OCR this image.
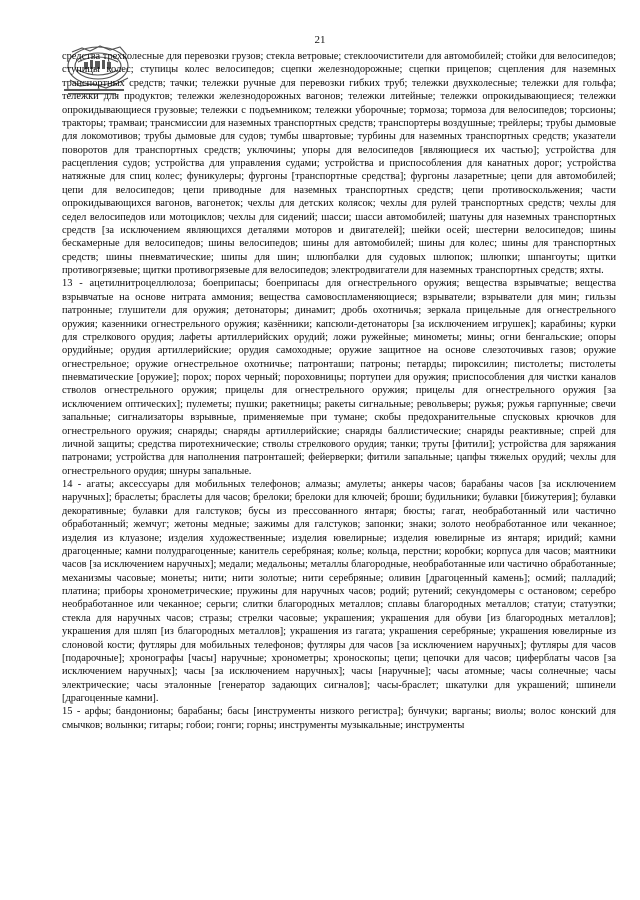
21

средства трехколесные для перевозки грузов; стекла ветровые; стеклоочистители для автомобилей; стойки для велосипедов; ступицы колес; ступицы колес велосипедов; сцепки железнодорожные; сцепки прицепов; сцепления для наземных транспортных средств; тачки; тележки ручные для перевозки гибких труб; тележки двухколесные; тележки для гольфа; тележки для продуктов; тележки железнодорожных вагонов; тележки литейные; тележки опрокидывающиеся; тележки опрокидывающиеся грузовые; тележки с подъемником; тележки уборочные; тормоза; тормоза для велосипедов; торсионы; тракторы; трамваи; трансмиссии для наземных транспортных средств; транспортеры воздушные; трейлеры; трубы дымовые для локомотивов; трубы дымовые для судов; тумбы швартовые; турбины для наземных транспортных средств; указатели поворотов для транспортных средств; уключины; упоры для велосипедов [являющиеся их частью]; устройства для расцепления судов; устройства для управления судами; устройства и приспособления для канатных дорог; устройства натяжные для спиц колес; фуникулеры; фургоны [транспортные средства]; фургоны лазаретные; цепи для автомобилей; цепи для велосипедов; цепи приводные для наземных транспортных средств; цепи противоскольжения; части опрокидывающихся вагонов, вагонеток; чехлы для детских колясок; чехлы для рулей транспортных средств; чехлы для седел велосипедов или мотоциклов; чехлы для сидений; шасси; шасси автомобилей; шатуны для наземных транспортных средств [за исключением являющихся деталями моторов и двигателей]; шейки осей; шестерни велосипедов; шины бескамерные для велосипедов; шины велосипедов; шины для автомобилей; шины для колес; шины для транспортных средств; шины пневматические; шипы для шин; шлюпбалки для судовых шлюпок; шлюпки; шпангоуты; щитки противогрязевые; щитки противогрязевые для велосипедов; электродвигатели для наземных транспортных средств; яхты.

13 - ацетилнитроцеллюлоза; боеприпасы; боеприпасы для огнестрельного оружия; вещества взрывчатые; вещества взрывчатые на основе нитрата аммония; вещества самовоспламеняющиеся; взрыватели; взрыватели для мин; гильзы патронные; глушители для оружия; детонаторы; динамит; дробь охотничья; зеркала прицельные для огнестрельного оружия; казенники огнестрельного оружия; казённики; капсюли-детонаторы [за исключением игрушек]; карабины; курки для стрелкового орудия; лафеты артиллерийских орудий; ложи ружейные; минометы; мины; огни бенгальские; опоры орудийные; орудия артиллерийские; орудия самоходные; оружие защитное на основе слезоточивых газов; оружие огнестрельное; оружие огнестрельное охотничье; патронташи; патроны; петарды; пироксилин; пистолеты; пистолеты пневматические [оружие]; порох; порох черный; пороховницы; портупеи для оружия; приспособления для чистки каналов стволов огнестрельного оружия; прицелы для огнестрельного оружия; прицелы для огнестрельного оружия [за исключением оптических]; пулеметы; пушки; ракетницы; ракеты сигнальные; револьверы; ружья; ружья гарпунные; свечи запальные; сигнализаторы взрывные, применяемые при тумане; скобы предохранительные спусковых крючков для огнестрельного оружия; снаряды; снаряды артиллерийские; снаряды баллистические; снаряды реактивные; спрей для личной защиты; средства пиротехнические; стволы стрелкового орудия; танки; труты [фитили]; устройства для заряжания патронами; устройства для наполнения патронташей; фейерверки; фитили запальные; цапфы тяжелых орудий; чехлы для огнестрельного орудия; шнуры запальные.

14 - агаты; аксессуары для мобильных телефонов; алмазы; амулеты; анкеры часов; барабаны часов [за исключением наручных]; браслеты; браслеты для часов; брелоки; брелоки для ключей; броши; будильники; булавки [бижутерия]; булавки декоративные; булавки для галстуков; бусы из прессованного янтаря; бюсты; гагат, необработанный или частично обработанный; жемчуг; жетоны медные; зажимы для галстуков; запонки; знаки; золото необработанное или чеканное; изделия из клуазоне; изделия художественные; изделия ювелирные; изделия ювелирные из янтаря; иридий; камни драгоценные; камни полудрагоценные; канитель серебряная; колье; кольца, перстни; коробки; корпуса для часов; маятники часов [за исключением наручных]; медали; медальоны; металлы благородные, необработанные или частично обработанные; механизмы часовые; монеты; нити; нити золотые; нити серебряные; оливин [драгоценный камень]; осмий; палладий; платина; приборы хронометрические; пружины для наручных часов; родий; рутений; секундомеры с остановом; серебро необработанное или чеканное; серьги; слитки благородных металлов; сплавы благородных металлов; статуи; статуэтки; стекла для наручных часов; стразы; стрелки часовые; украшения; украшения для обуви [из благородных металлов]; украшения для шляп [из благородных металлов]; украшения из гагата; украшения серебряные; украшения ювелирные из слоновой кости; футляры для мобильных телефонов; футляры для часов [за исключением наручных]; футляры для часов [подарочные]; хронографы [часы] наручные; хронометры; хроноскопы; цепи; цепочки для часов; циферблаты часов [за исключением наручных]; часы [за исключением наручных]; часы [наручные]; часы атомные; часы солнечные; часы электрические; часы эталонные [генератор задающих сигналов]; часы-браслет; шкатулки для украшений; шпинели [драгоценные камни].

15 - арфы; бандонионы; барабаны; басы [инструменты низкого регистра]; бунчуки; варганы; виолы; волос конский для смычков; волынки; гитары; гобои; гонги; горны; инструменты музыкальные; инструменты
